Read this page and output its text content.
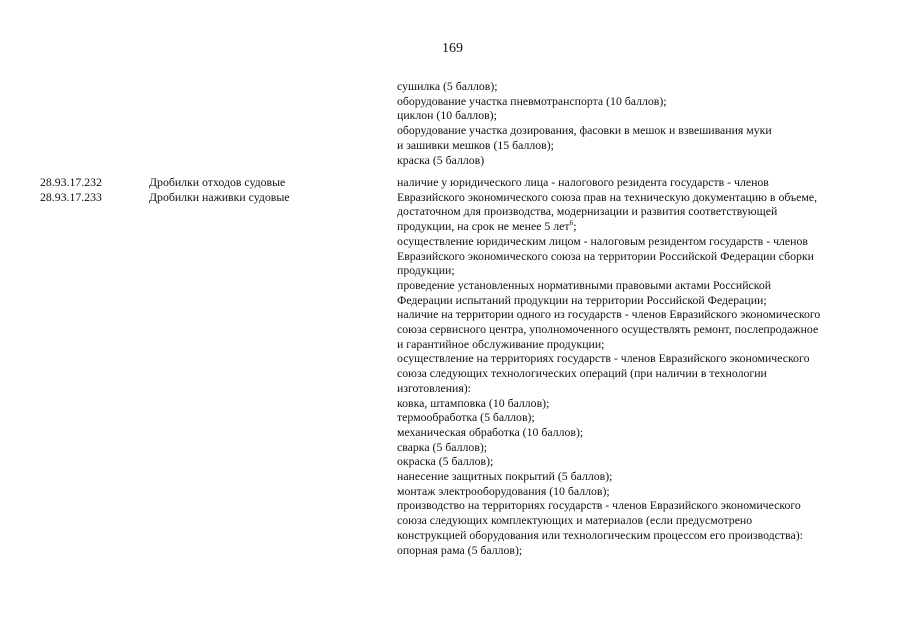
169
сушилка (5 баллов);
оборудование участка пневмотранспорта (10 баллов);
циклон (10 баллов);
оборудование участка дозирования, фасовки в мешок и взвешивания муки
и зашивки мешков (15 баллов);
краска (5 баллов)
28.93.17.232	Дробилки отходов судовые
28.93.17.233	Дробилки наживки судовые
наличие у юридического лица - налогового резидента государств - членов
Евразийского экономического союза прав на техническую документацию в объеме,
достаточном для производства, модернизации и развития соответствующей
продукции, на срок не менее 5 лет$^6$;
осуществление юридическим лицом - налоговым резидентом государств - членов
Евразийского экономического союза на территории Российской Федерации сборки
продукции;
проведение установленных нормативными правовыми актами Российской
Федерации испытаний продукции на территории Российской Федерации;
наличие на территории одного из государств - членов Евразийского экономического
союза сервисного центра, уполномоченного осуществлять ремонт, послепродажное
и гарантийное обслуживание продукции;
осуществление на территориях государств - членов Евразийского экономического
союза следующих технологических операций (при наличии в технологии
изготовления):
ковка, штамповка (10 баллов);
термообработка (5 баллов);
механическая обработка (10 баллов);
сварка (5 баллов);
окраска (5 баллов);
нанесение защитных покрытий (5 баллов);
монтаж электрооборудования (10 баллов);
производство на территориях государств - членов Евразийского экономического
союза следующих комплектующих и материалов (если предусмотрено
конструкцией оборудования или технологическим процессом его производства):
опорная рама (5 баллов);
